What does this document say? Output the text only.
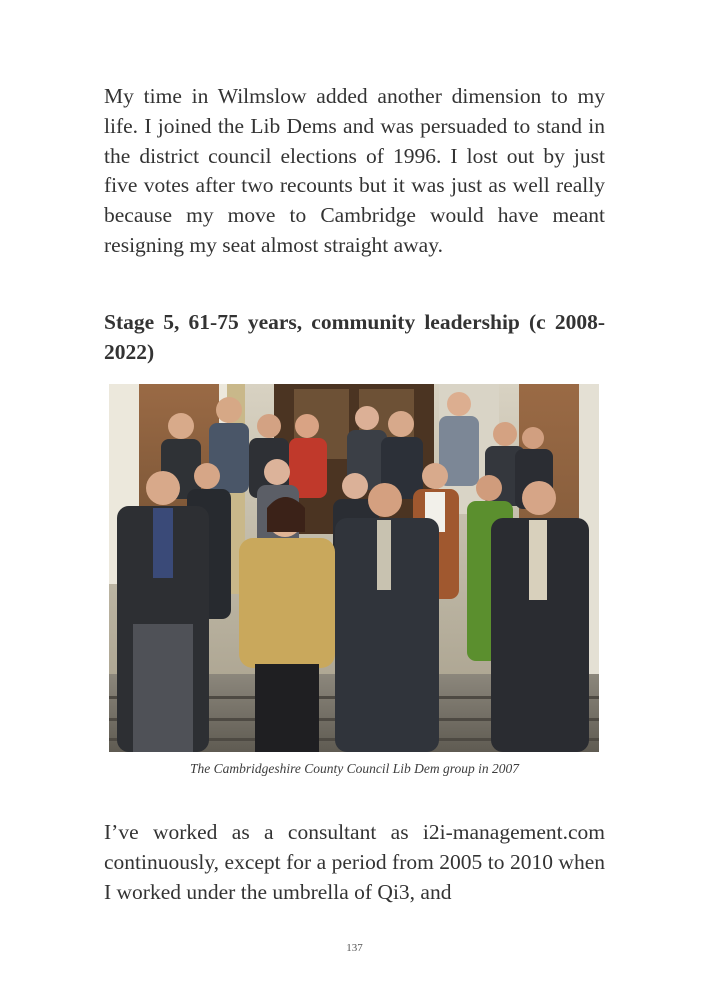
My time in Wilmslow added another dimension to my life. I joined the Lib Dems and was persuaded to stand in the district council elections of 1996. I lost out by just five votes after two recounts but it was just as well really because my move to Cambridge would have meant resigning my seat almost straight away.

Stage 5, 61-75 years, community leadership (c 2008-2022)
The Cambridgeshire County Council Lib Dem group in 2007

I’ve worked as a consultant as i2i-management.com continuously, except for a period from 2005 to 2010 when I worked under the umbrella of Qi3, and

137
